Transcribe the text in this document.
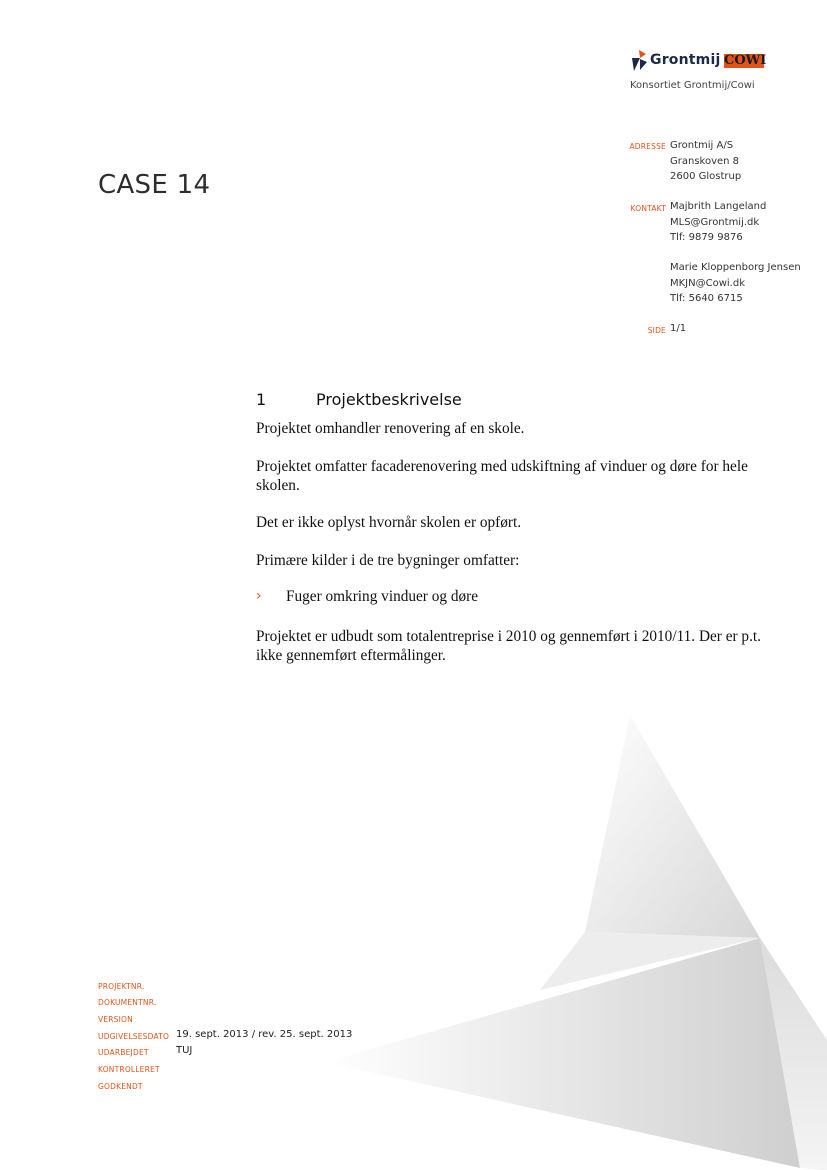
Grontmij COWI
Konsortiet Grontmij/Cowi
CASE 14
ADRESSE Grontmij A/S
Granskoven 8
2600 Glostrup
KONTAKT Majbrith Langeland
MLS@Grontmij.dk
Tlf: 9879 9876
Marie Kloppenborg Jensen
MKJN@Cowi.dk
Tlf: 5640 6715
SIDE 1/1
1	Projektbeskrivelse
Projektet omhandler renovering af en skole.
Projektet omfatter facaderenovering med udskiftning af vinduer og døre for hele skolen.
Det er ikke oplyst hvornår skolen er opført.
Primære kilder i de tre bygninger omfatter:
› Fuger omkring vinduer og døre
Projektet er udbudt som totalentreprise i 2010 og gennemført i 2010/11. Der er p.t. ikke gennemført eftermålinger.
PROJEKTNR.
DOKUMENTNR.
VERSION
UDGIVELSESDATO 19. sept. 2013 / rev. 25. sept. 2013
UDARBEJDET	TUJ
KONTROLLERET
GODKENDT
